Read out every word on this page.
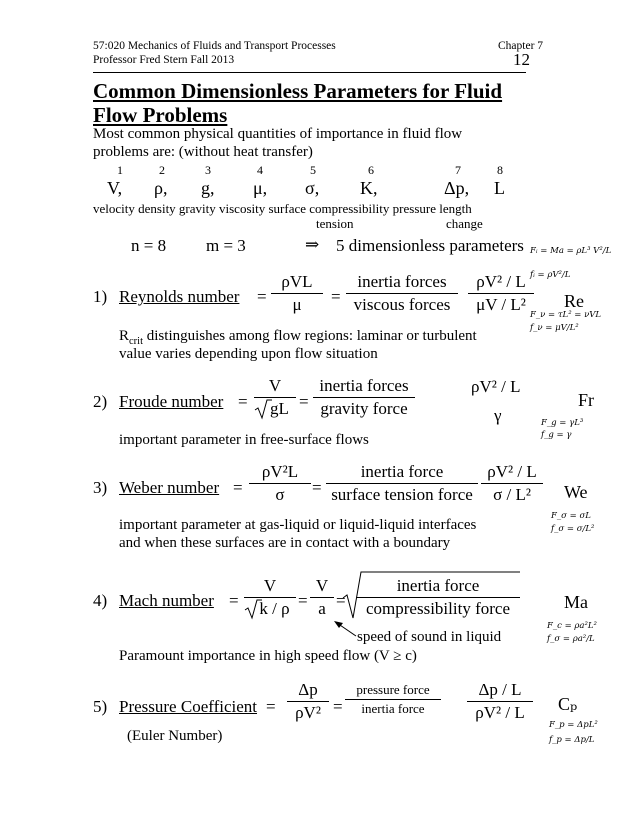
57:020 Mechanics of Fluids and Transport Processes
Professor Fred Stern Fall 2013
Chapter 7
12
Common Dimensionless Parameters for Fluid
Flow Problems
Most common physical quantities of importance in fluid flow
problems are: (without heat transfer)
1	2	3	4	5	6	7	8
V, ρ, g, μ, σ, K,	Δp, L
velocity density gravity viscosity surface compressibility pressure length
tension	change
n = 8 m = 3	⇒ 5 dimensionless parameters Fᵢ = Ma = ρL³ V²/L
fᵢ = ρV²/L
F_ν = τL² = νVL
f_ν = μV/L²
F_g = γL³
f_g = γ
F_σ = σL
f_σ = σ/L²
F_c = ρa²L²
f_σ = ρa²/L
F_p = ΔpL²
f_p = Δp/L
1) Reynolds number =
ρVL
μ	=
inertia forces
viscous forces	$\frac{\text{ρV² / L}}{\text{μV / L²}}$ Re
$R_{crit}$ distinguishes among flow regions: laminar or turbulent
value varies depending upon flow situation
2) Froude number = $\frac{V}{gL}$ =
inertia forces
gravity force
ρV² / L
γ
Fr
important parameter in free-surface flows
3) Weber number = $\frac{\text{ρV²L}}{\sigma}$ =
inertia force
surface tension force $\frac{\text{ρV² / L}}{\text{σ / L²}}$ We
important parameter at gas-liquid or liquid-liquid interfaces
and when these surfaces are in contact with a boundary
4) Mach number = $\frac{V}{k / \rho} = \frac{V}{a}$ =
inertia force
compressibility force	Ma
speed of sound in liquid
Paramount importance in high speed flow (V ≥ c)
5) Pressure Coefficient = $\frac{\Delta p}{\text{ρV²}}$ =
pressure force
inertia force	$\frac{\Delta p / L}{\text{ρV² / L}}$ Cₚ
(Euler Number)
